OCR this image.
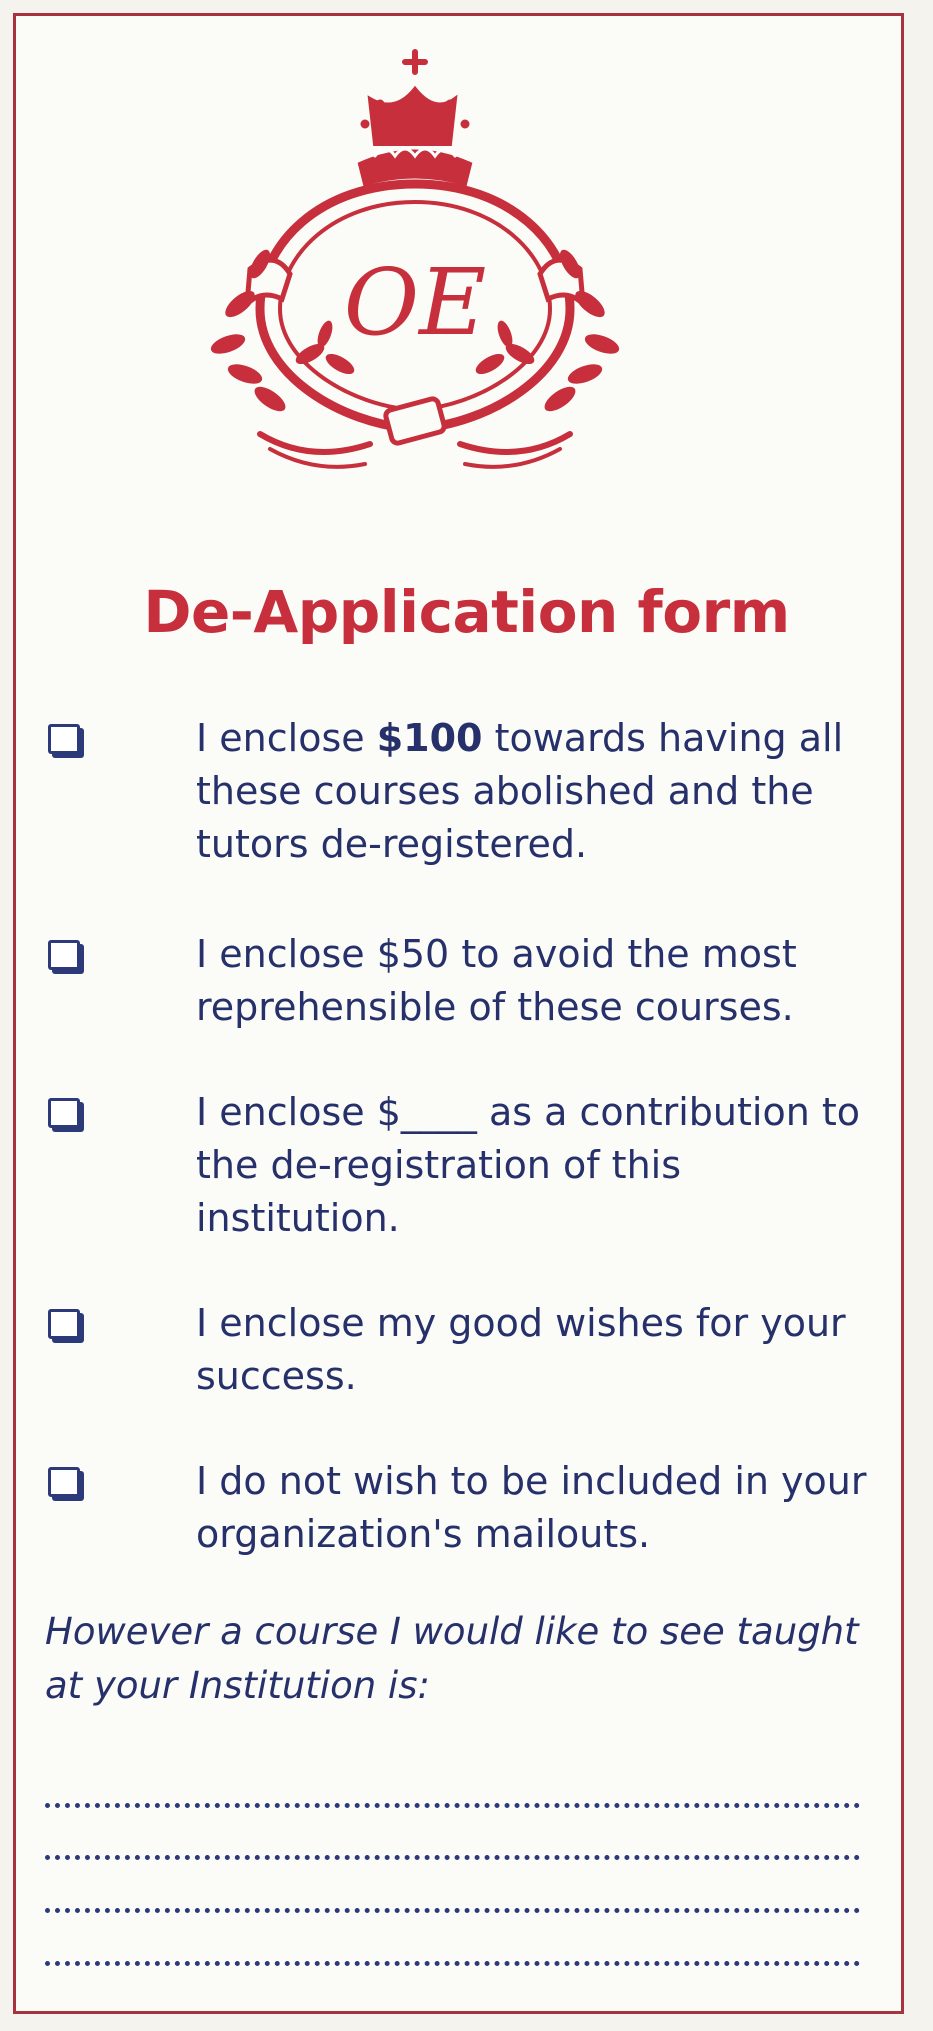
OE
De-Application form
I enclose $100 towards having all these courses abolished and the tutors de-registered.
I enclose $50 to avoid the most reprehensible of these courses.
I enclose $____ as a contribution to the de-registration of this institution.
I enclose my good wishes for your success.
I do not wish to be included in your organization's mailouts.
However a course I would like to see taught at your Institution is:
